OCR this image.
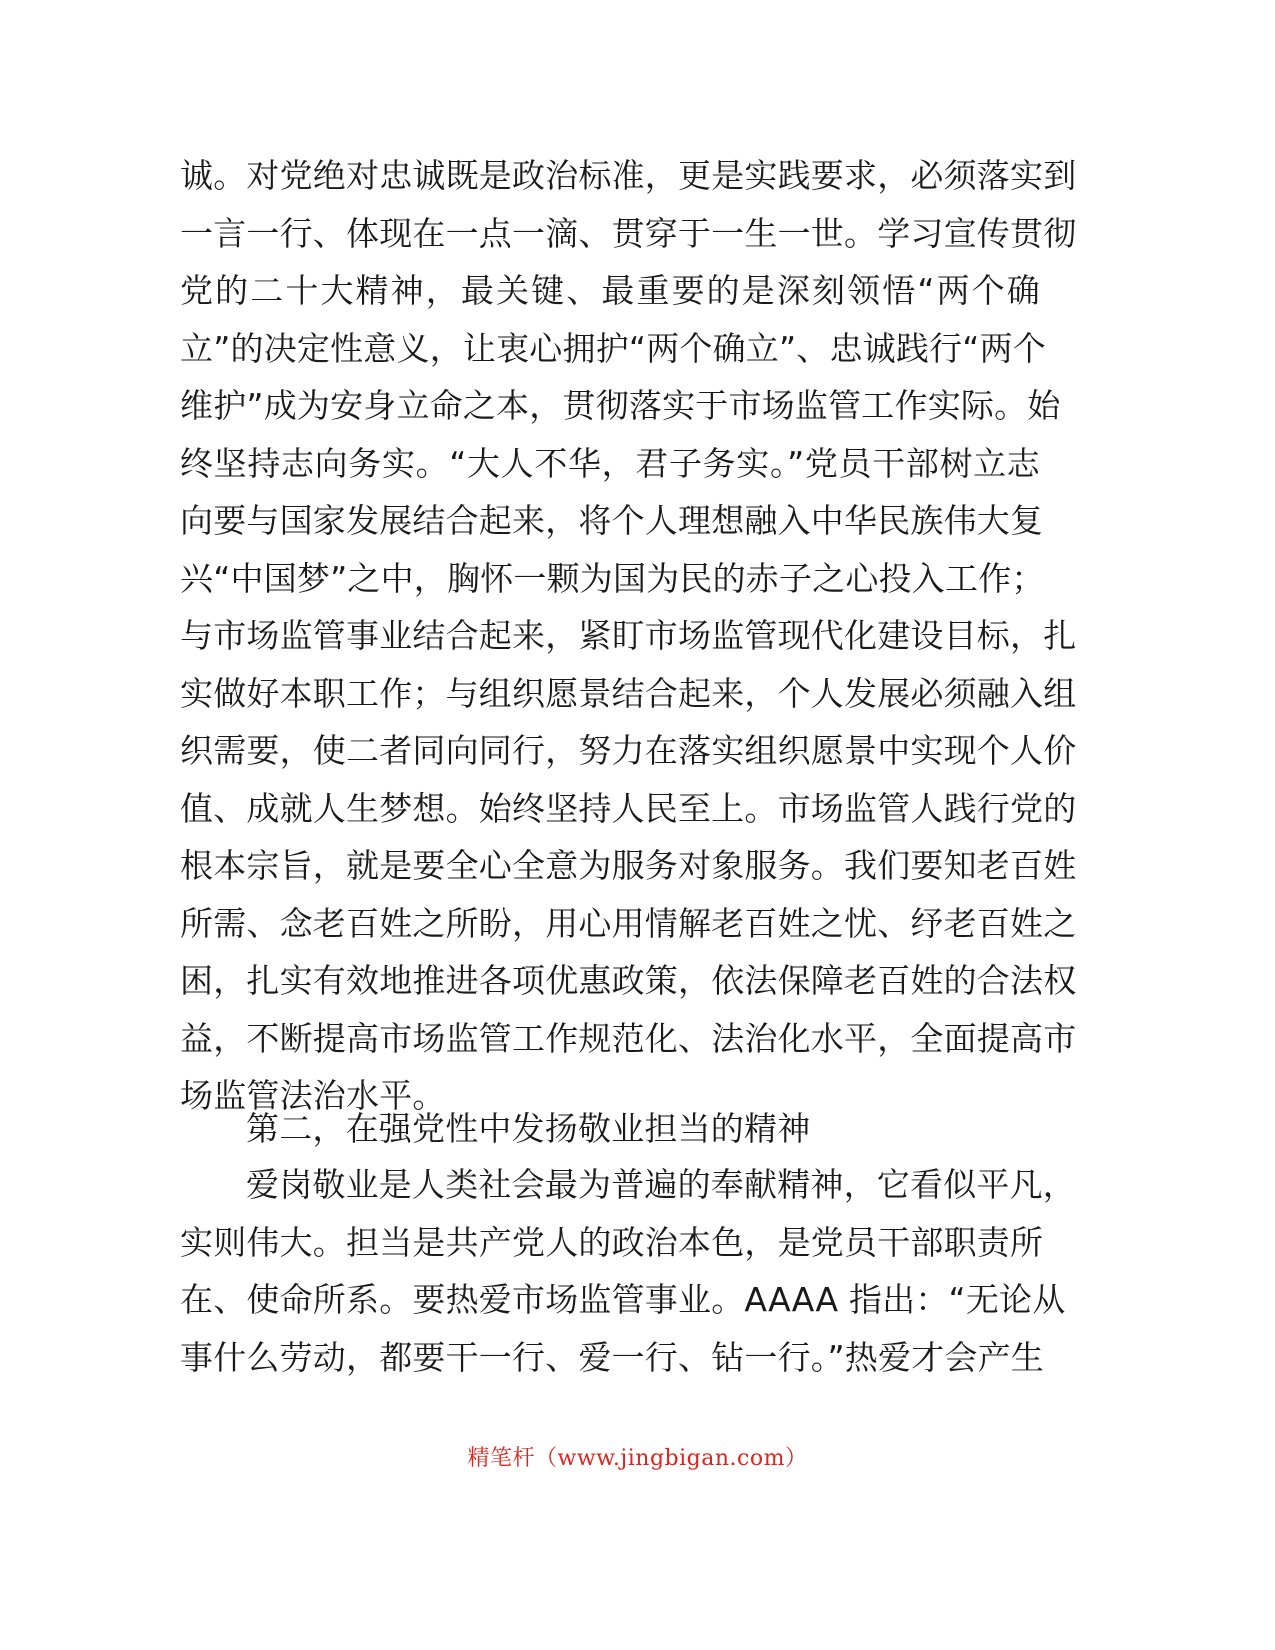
诚。对党绝对忠诚既是政治标准，更是实践要求，必须落实到
一言一行、体现在一点一滴、贯穿于一生一世。学习宣传贯彻
党的二十大精神，最关键、最重要的是深刻领悟“两个确
立”的决定性意义，让衷心拥护“两个确立”、忠诚践行“两个
维护”成为安身立命之本，贯彻落实于市场监管工作实际。始
终坚持志向务实。“大人不华，君子务实。”党员干部树立志
向要与国家发展结合起来，将个人理想融入中华民族伟大复
兴“中国梦”之中，胸怀一颗为国为民的赤子之心投入工作；
与市场监管事业结合起来，紧盯市场监管现代化建设目标，扎
实做好本职工作；与组织愿景结合起来，个人发展必须融入组
织需要，使二者同向同行，努力在落实组织愿景中实现个人价
值、成就人生梦想。始终坚持人民至上。市场监管人践行党的
根本宗旨，就是要全心全意为服务对象服务。我们要知老百姓
所需、念老百姓之所盼，用心用情解老百姓之忧、纾老百姓之
困，扎实有效地推进各项优惠政策，依法保障老百姓的合法权
益，不断提高市场监管工作规范化、法治化水平，全面提高市
场监管法治水平。
第二，在强党性中发扬敬业担当的精神
爱岗敬业是人类社会最为普遍的奉献精神，它看似平凡，
实则伟大。担当是共产党人的政治本色，是党员干部职责所
在、使命所系。要热爱市场监管事业。AAAA 指出：“无论从
事什么劳动，都要干一行、爱一行、钻一行。”热爱才会产生
精笔杆（www.jingbigan.com）
